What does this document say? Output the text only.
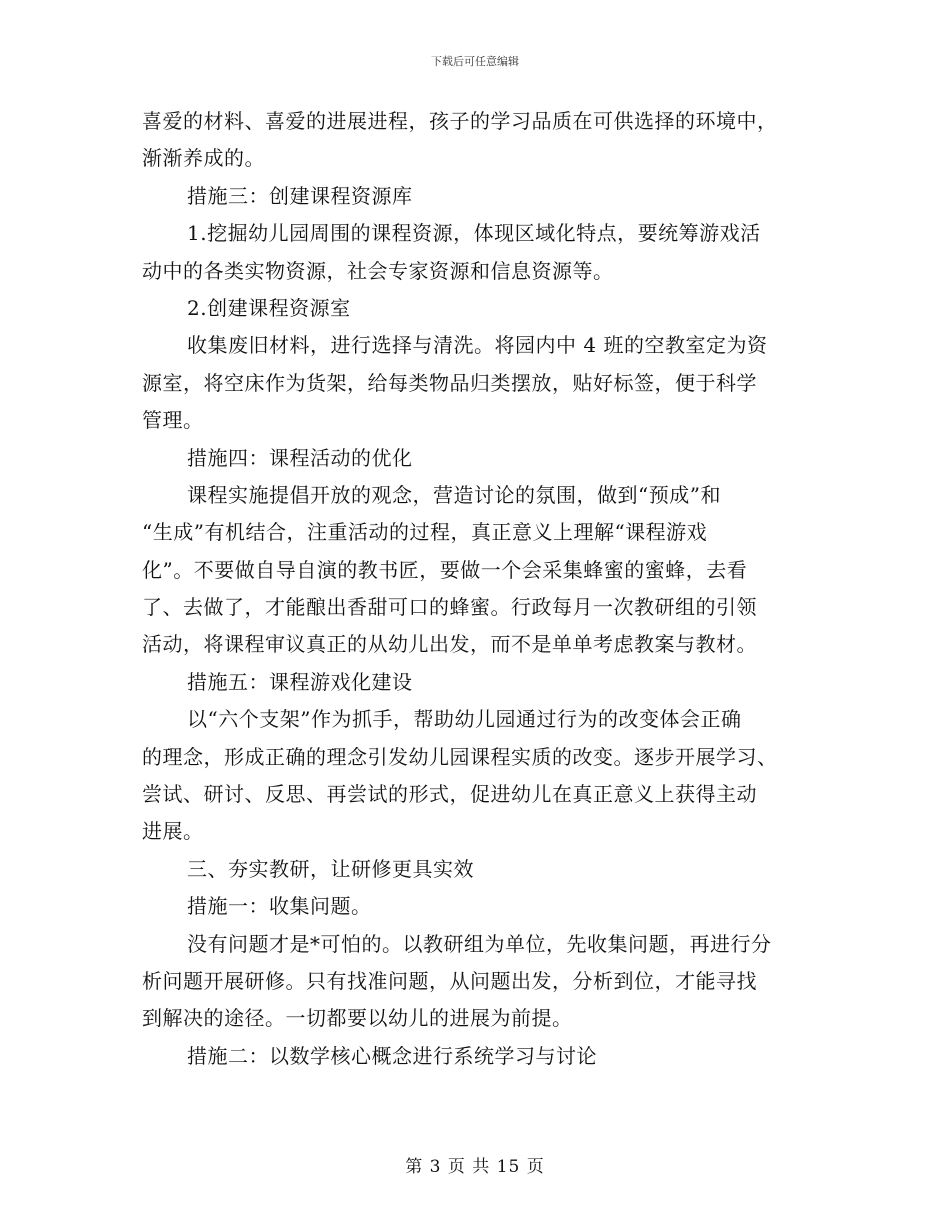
下载后可任意编辑
喜爱的材料、喜爱的进展进程，孩子的学习品质在可供选择的环境中，
渐渐养成的。
措施三：创建课程资源库
1.挖掘幼儿园周围的课程资源，体现区域化特点，要统筹游戏活
动中的各类实物资源，社会专家资源和信息资源等。
2.创建课程资源室
收集废旧材料，进行选择与清洗。将园内中 4 班的空教室定为资
源室，将空床作为货架，给每类物品归类摆放，贴好标签，便于科学
管理。
措施四：课程活动的优化
课程实施提倡开放的观念，营造讨论的氛围，做到“预成”和
“生成”有机结合，注重活动的过程，真正意义上理解“课程游戏
化”。不要做自导自演的教书匠，要做一个会采集蜂蜜的蜜蜂，去看
了、去做了，才能酿出香甜可口的蜂蜜。行政每月一次教研组的引领
活动，将课程审议真正的从幼儿出发，而不是单单考虑教案与教材。
措施五：课程游戏化建设
以“六个支架”作为抓手，帮助幼儿园通过行为的改变体会正确
的理念，形成正确的理念引发幼儿园课程实质的改变。逐步开展学习、
尝试、研讨、反思、再尝试的形式，促进幼儿在真正意义上获得主动
进展。
三、夯实教研，让研修更具实效
措施一：收集问题。
没有问题才是*可怕的。以教研组为单位，先收集问题，再进行分
析问题开展研修。只有找准问题，从问题出发，分析到位，才能寻找
到解决的途径。一切都要以幼儿的进展为前提。
措施二：以数学核心概念进行系统学习与讨论
第 3 页 共 15 页
